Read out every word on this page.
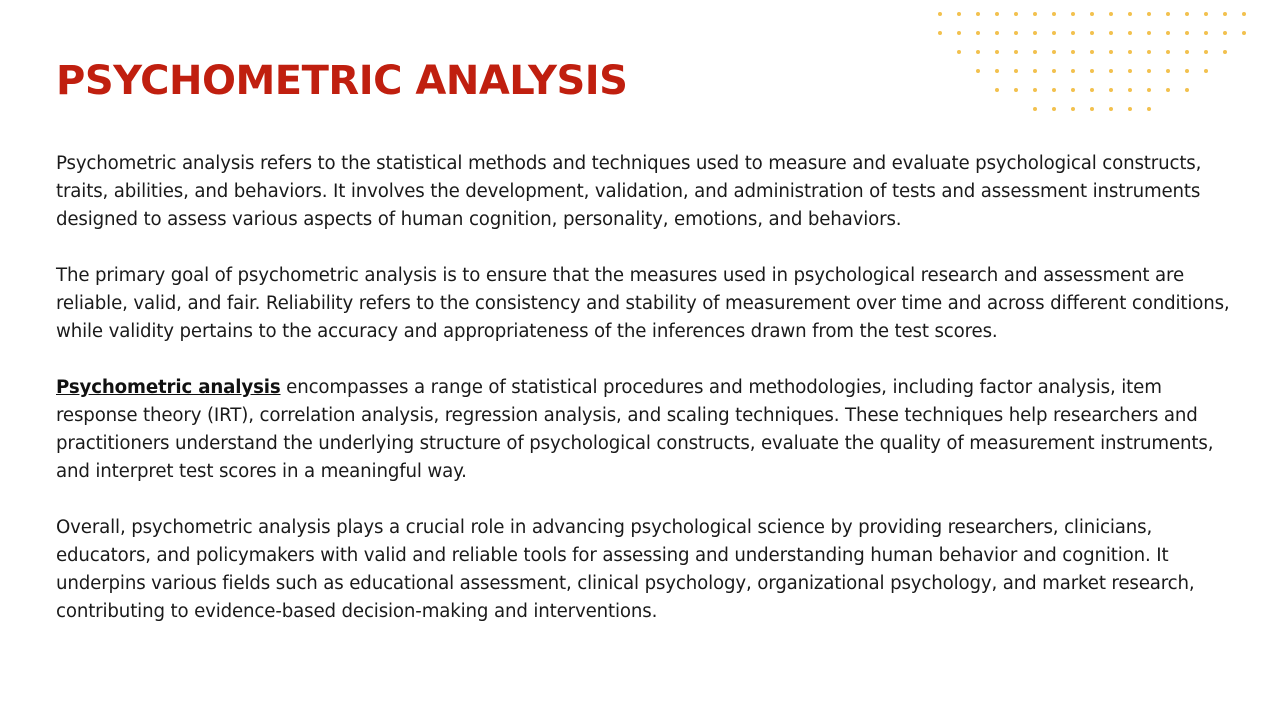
PSYCHOMETRIC ANALYSIS

Psychometric analysis refers to the statistical methods and techniques used to measure and evaluate psychological constructs, traits, abilities, and behaviors. It involves the development, validation, and administration of tests and assessment instruments designed to assess various aspects of human cognition, personality, emotions, and behaviors.

The primary goal of psychometric analysis is to ensure that the measures used in psychological research and assessment are reliable, valid, and fair. Reliability refers to the consistency and stability of measurement over time and across different conditions, while validity pertains to the accuracy and appropriateness of the inferences drawn from the test scores.

Psychometric analysis encompasses a range of statistical procedures and methodologies, including factor analysis, item response theory (IRT), correlation analysis, regression analysis, and scaling techniques. These techniques help researchers and practitioners understand the underlying structure of psychological constructs, evaluate the quality of measurement instruments, and interpret test scores in a meaningful way.

Overall, psychometric analysis plays a crucial role in advancing psychological science by providing researchers, clinicians, educators, and policymakers with valid and reliable tools for assessing and understanding human behavior and cognition. It underpins various fields such as educational assessment, clinical psychology, organizational psychology, and market research, contributing to evidence-based decision-making and interventions.
